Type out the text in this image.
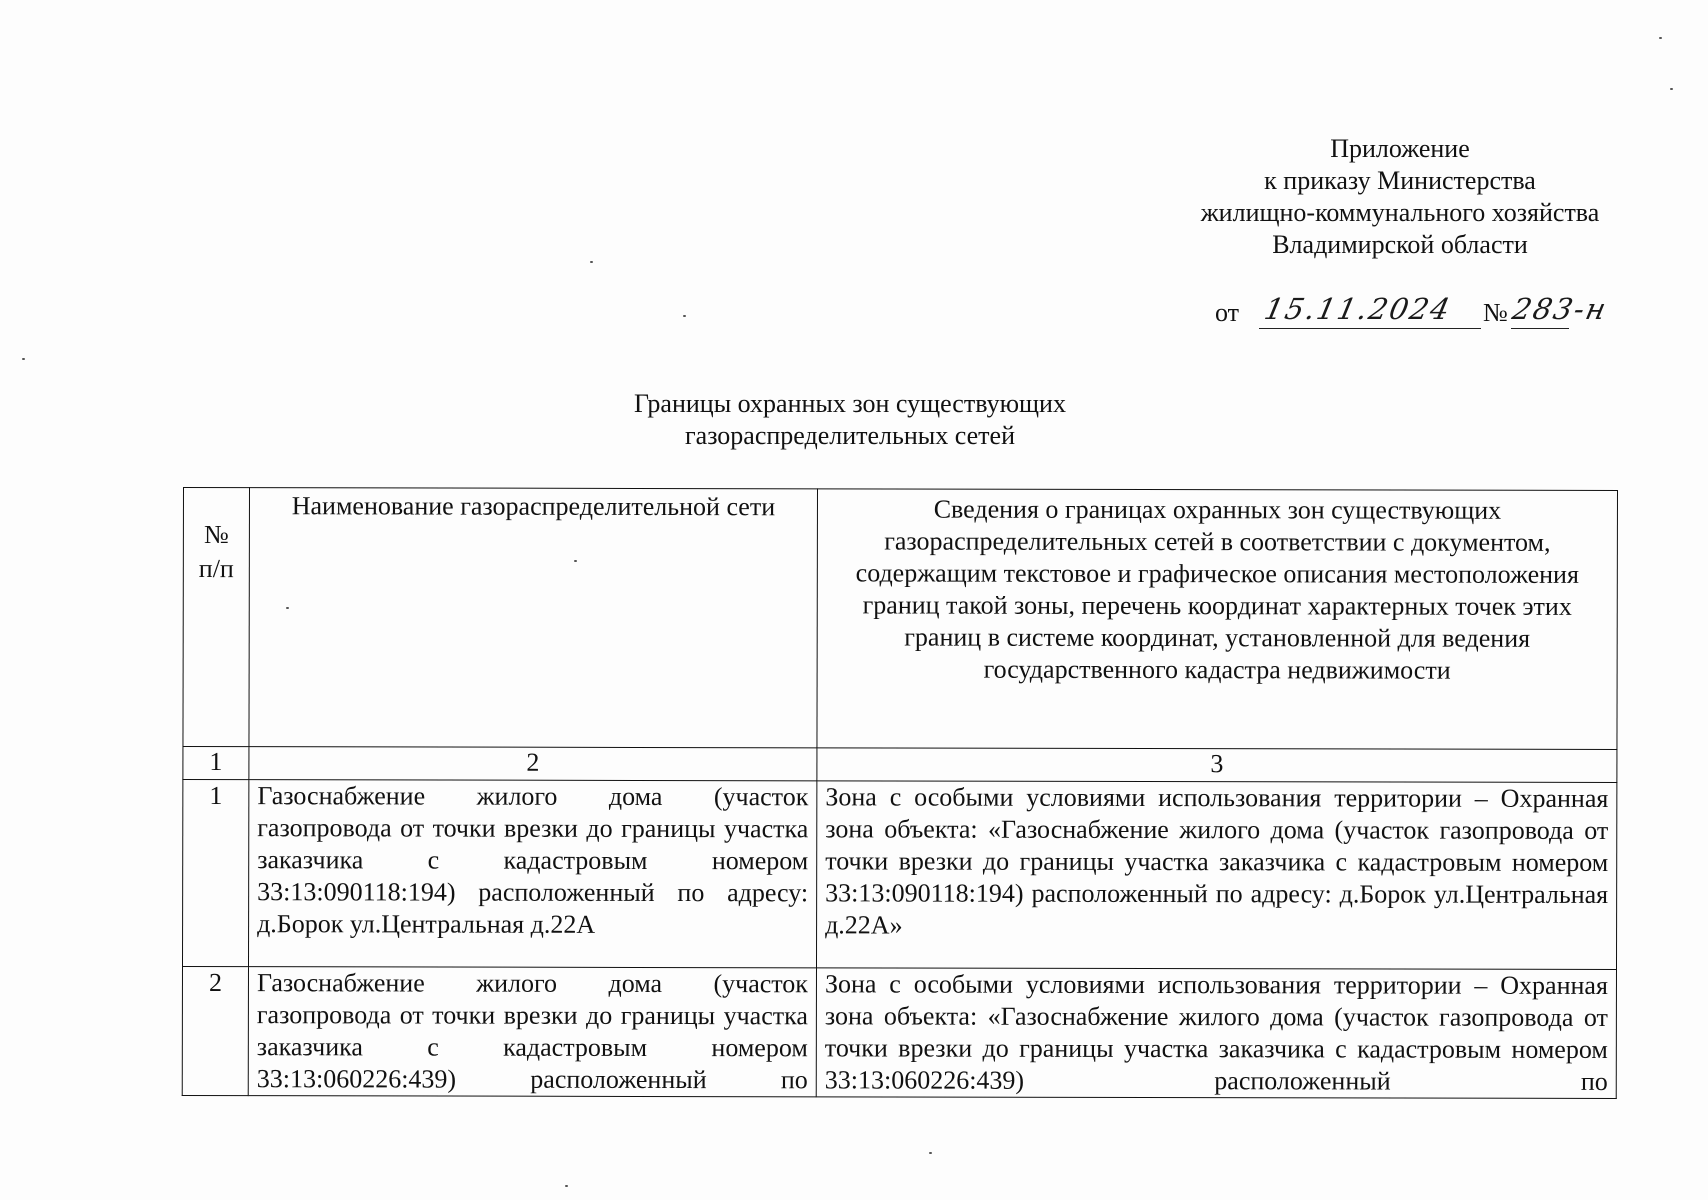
Приложение
к приказу Министерства
жилищно-коммунального хозяйства
Владимирской области
от 15.11.2024 № 283-н
Границы охранных зон существующих
газораспределительных сетей
№ п/п	Наименование газораспределительной сети	Сведения о границах охранных зон существующих газораспределительных сетей в соответствии с документом, содержащим текстовое и графическое описания местоположения границ такой зоны, перечень координат характерных точек этих границ в системе координат, установленной для ведения государственного кадастра недвижимости
1	2	3
1	Газоснабжение жилого дома (участок газопровода от точки врезки до границы участка заказчика с кадастровым номером 33:13:090118:194) расположенный по адресу: д.Борок ул.Центральная д.22А	Зона с особыми условиями использования территории – Охранная зона объекта: «Газоснабжение жилого дома (участок газопровода от точки врезки до границы участка заказчика с кадастровым номером 33:13:090118:194) расположенный по адресу: д.Борок ул.Центральная д.22А»
2	Газоснабжение жилого дома (участок газопровода от точки врезки до границы участка заказчика с кадастровым номером 33:13:060226:439) расположенный по	Зона с особыми условиями использования территории – Охранная зона объекта: «Газоснабжение жилого дома (участок газопровода от точки врезки до границы участка заказчика с кадастровым номером 33:13:060226:439) расположенный по
